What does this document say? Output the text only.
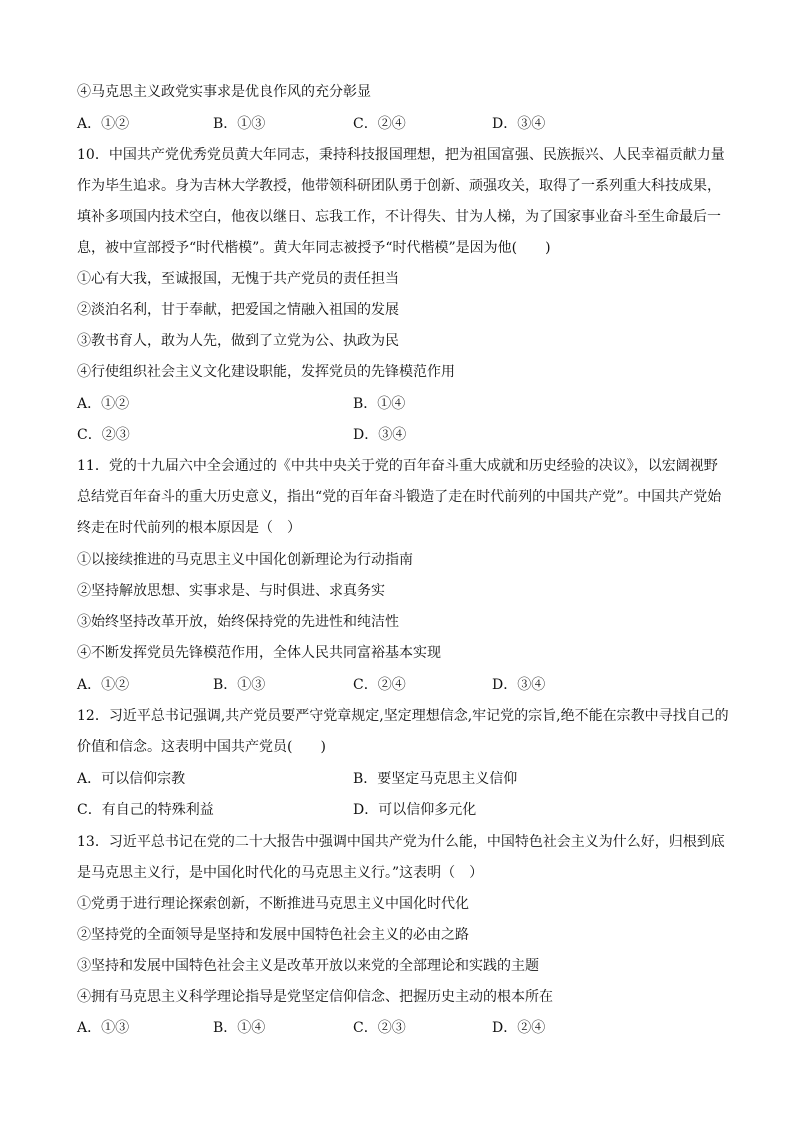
④马克思主义政党实事求是优良作风的充分彰显
A．①②	B．①③	C．②④	D．③④
10．中国共产党优秀党员黄大年同志，秉持科技报国理想，把为祖国富强、民族振兴、人民幸福贡献力量
作为毕生追求。身为吉林大学教授，他带领科研团队勇于创新、顽强攻关，取得了一系列重大科技成果，
填补多项国内技术空白，他夜以继日、忘我工作，不计得失、甘为人梯，为了国家事业奋斗至生命最后一
息，被中宣部授予“时代楷模”。黄大年同志被授予“时代楷模”是因为他(　　)
①心有大我，至诚报国，无愧于共产党员的责任担当
②淡泊名利，甘于奉献，把爱国之情融入祖国的发展
③教书育人，敢为人先，做到了立党为公、执政为民
④行使组织社会主义文化建设职能，发挥党员的先锋模范作用
A．①②	B．①④
C．②③	D．③④
11．党的十九届六中全会通过的《中共中央关于党的百年奋斗重大成就和历史经验的决议》，以宏阔视野
总结党百年奋斗的重大历史意义，指出“党的百年奋斗锻造了走在时代前列的中国共产党”。中国共产党始
终走在时代前列的根本原因是（　）
①以接续推进的马克思主义中国化创新理论为行动指南
②坚持解放思想、实事求是、与时俱进、求真务实
③始终坚持改革开放，始终保持党的先进性和纯洁性
④不断发挥党员先锋模范作用，全体人民共同富裕基本实现
A．①②	B．①③	C．②④	D．③④
12．习近平总书记强调,共产党员要严守党章规定,坚定理想信念,牢记党的宗旨,绝不能在宗教中寻找自己的
价值和信念。这表明中国共产党员(　　)
A．可以信仰宗教	B．要坚定马克思主义信仰
C．有自己的特殊利益	D．可以信仰多元化
13．习近平总书记在党的二十大报告中强调中国共产党为什么能，中国特色社会主义为什么好，归根到底
是马克思主义行，是中国化时代化的马克思主义行。”这表明（　）
①党勇于进行理论探索创新，不断推进马克思主义中国化时代化
②坚持党的全面领导是坚持和发展中国特色社会主义的必由之路
③坚持和发展中国特色社会主义是改革开放以来党的全部理论和实践的主题
④拥有马克思主义科学理论指导是党坚定信仰信念、把握历史主动的根本所在
A．①③	B．①④	C．②③	D．②④
